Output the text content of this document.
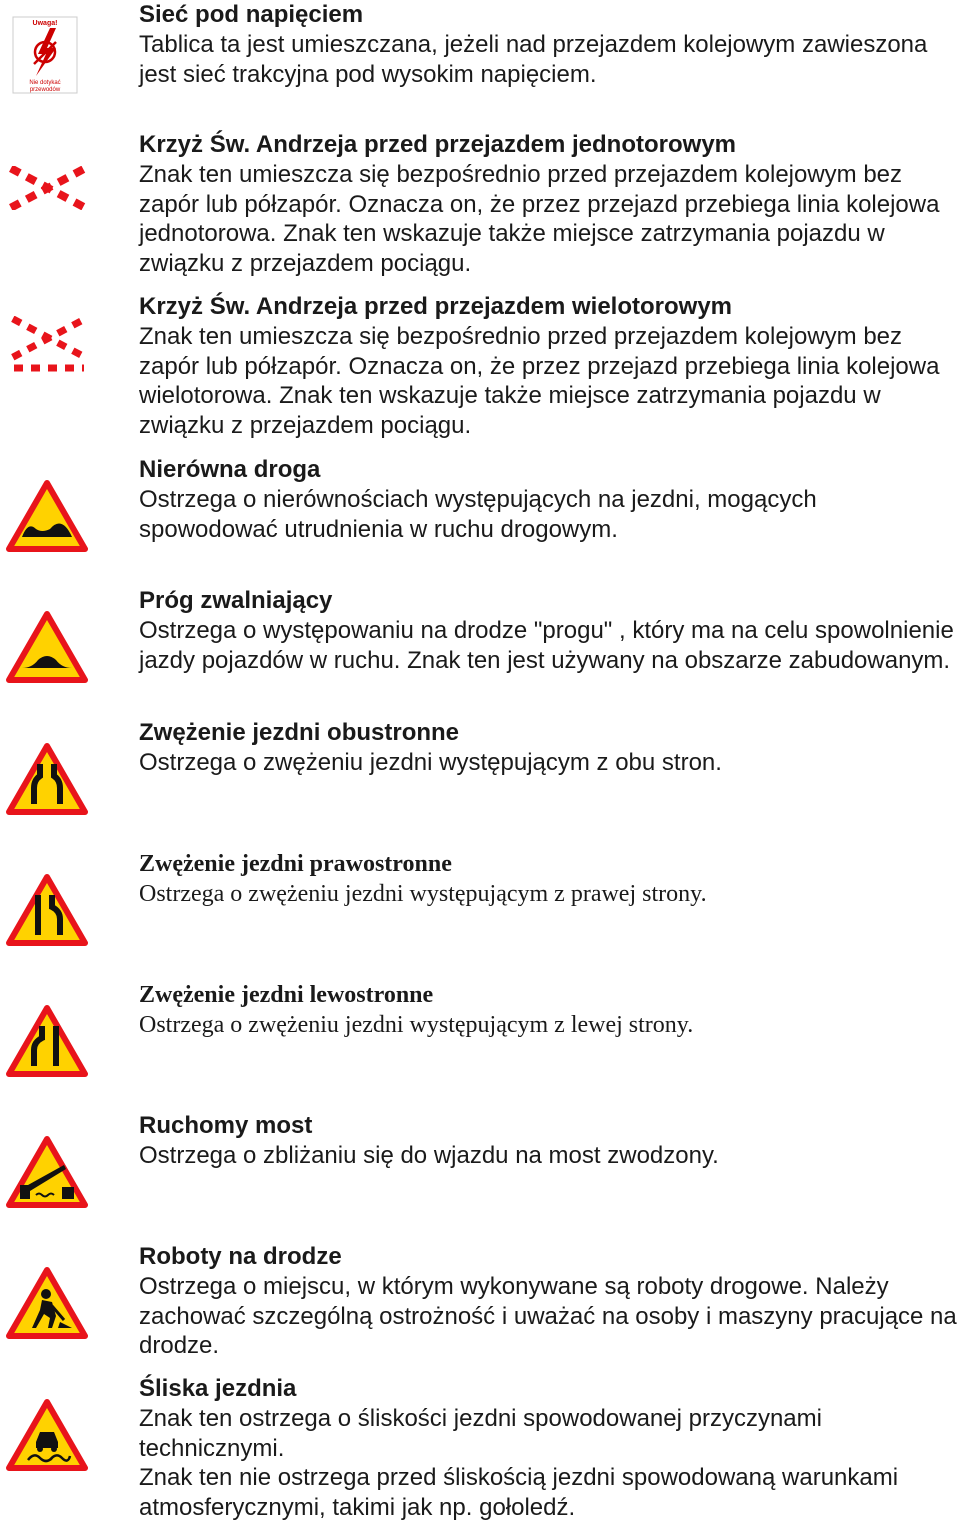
Uwaga!
Nie dotykać
przewodów
Sieć pod napięciem

Tablica ta jest umieszczana, jeżeli nad przejazdem kolejowym zawieszona jest sieć trakcyjna pod wysokim napięciem.

Krzyż Św. Andrzeja przed przejazdem jednotorowym

Znak ten umieszcza się bezpośrednio przed przejazdem kolejowym bez zapór lub półzapór. Oznacza on, że przez przejazd przebiega linia kolejowa jednotorowa. Znak ten wskazuje także miejsce zatrzymania pojazdu w związku z przejazdem pociągu.

Krzyż Św. Andrzeja przed przejazdem wielotorowym

Znak ten umieszcza się bezpośrednio przed przejazdem kolejowym bez zapór lub półzapór. Oznacza on, że przez przejazd przebiega linia kolejowa wielotorowa. Znak ten wskazuje także miejsce zatrzymania pojazdu w związku z przejazdem pociągu.

Nierówna droga

Ostrzega o nierównościach występujących na jezdni, mogących spowodować utrudnienia w ruchu drogowym.

Próg zwalniający

Ostrzega o występowaniu na drodze "progu" , który ma na celu spowolnienie jazdy pojazdów w ruchu. Znak ten jest używany na obszarze zabudowanym.

Zwężenie jezdni obustronne

Ostrzega o zwężeniu jezdni występującym z obu stron.

Zwężenie jezdni prawostronne

Ostrzega o zwężeniu jezdni występującym z prawej strony.

Zwężenie jezdni lewostronne

Ostrzega o zwężeniu jezdni występującym z lewej strony.

Ruchomy most

Ostrzega o zbliżaniu się do wjazdu na most zwodzony.

Roboty na drodze

Ostrzega o miejscu, w którym wykonywane są roboty drogowe. Należy zachować szczególną ostrożność i uważać na osoby i maszyny pracujące na drodze.

Śliska jezdnia

Znak ten ostrzega o śliskości jezdni spowodowanej przyczynami technicznymi.

Znak ten nie ostrzega przed śliskością jezdni spowodowaną warunkami atmosferycznymi, takimi jak np. gołoledź.
